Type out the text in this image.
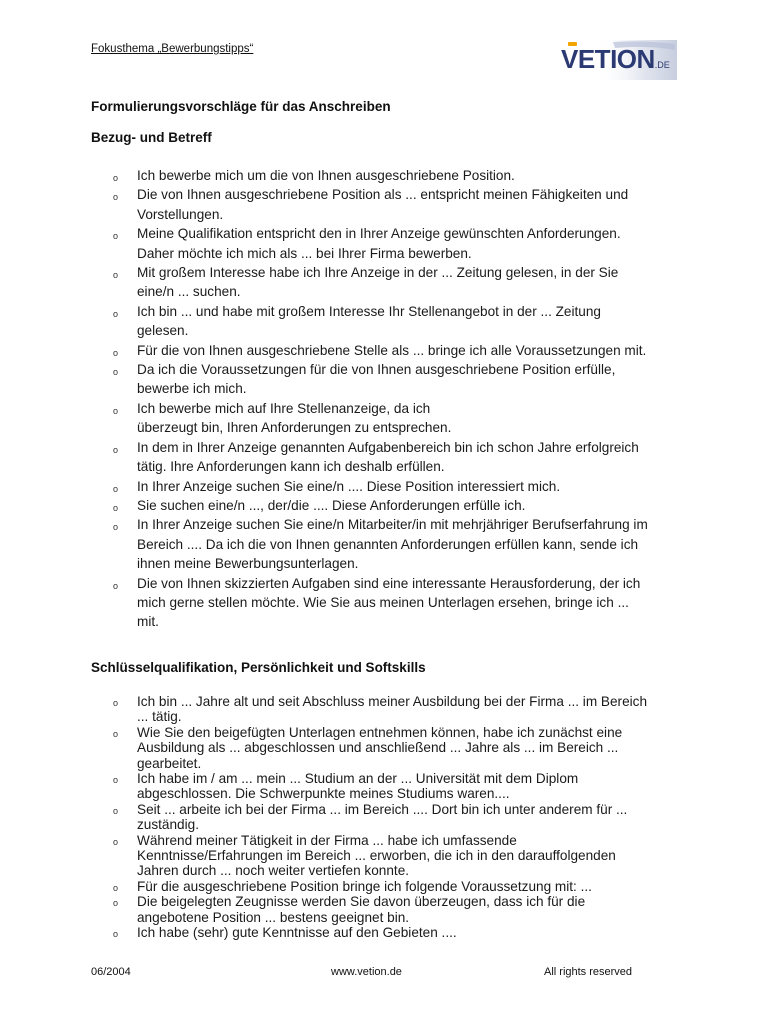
Fokusthema „Bewerbungstipps“	VETION.DE
Formulierungsvorschläge für das Anschreiben
Bezug- und Betreff
o Ich bewerbe mich um die von Ihnen ausgeschriebene Position.
o Die von Ihnen ausgeschriebene Position als ... entspricht meinen Fähigkeiten und
Vorstellungen.
o Meine Qualifikation entspricht den in Ihrer Anzeige gewünschten Anforderungen.
Daher möchte ich mich als ... bei Ihrer Firma bewerben.
o Mit großem Interesse habe ich Ihre Anzeige in der ... Zeitung gelesen, in der Sie
eine/n ... suchen.
o Ich bin ... und habe mit großem Interesse Ihr Stellenangebot in der ... Zeitung
gelesen.
o Für die von Ihnen ausgeschriebene Stelle als ... bringe ich alle Voraussetzungen mit.
o Da ich die Voraussetzungen für die von Ihnen ausgeschriebene Position erfülle,
bewerbe ich mich.
o Ich bewerbe mich auf Ihre Stellenanzeige, da ich
überzeugt bin, Ihren Anforderungen zu entsprechen.
o In dem in Ihrer Anzeige genannten Aufgabenbereich bin ich schon Jahre erfolgreich
tätig. Ihre Anforderungen kann ich deshalb erfüllen.
o In Ihrer Anzeige suchen Sie eine/n .... Diese Position interessiert mich.
o Sie suchen eine/n ..., der/die .... Diese Anforderungen erfülle ich.
o In Ihrer Anzeige suchen Sie eine/n Mitarbeiter/in mit mehrjähriger Berufserfahrung im
Bereich .... Da ich die von Ihnen genannten Anforderungen erfüllen kann, sende ich
ihnen meine Bewerbungsunterlagen.
o Die von Ihnen skizzierten Aufgaben sind eine interessante Herausforderung, der ich
mich gerne stellen möchte. Wie Sie aus meinen Unterlagen ersehen, bringe ich ...
mit.
Schlüsselqualifikation, Persönlichkeit und Softskills
o Ich bin ... Jahre alt und seit Abschluss meiner Ausbildung bei der Firma ... im Bereich
... tätig.
o Wie Sie den beigefügten Unterlagen entnehmen können, habe ich zunächst eine
Ausbildung als ... abgeschlossen und anschließend ... Jahre als ... im Bereich ...
gearbeitet.
o Ich habe im / am ... mein ... Studium an der ... Universität mit dem Diplom
abgeschlossen. Die Schwerpunkte meines Studiums waren....
o Seit ... arbeite ich bei der Firma ... im Bereich .... Dort bin ich unter anderem für ...
zuständig.
o Während meiner Tätigkeit in der Firma ... habe ich umfassende
Kenntnisse/Erfahrungen im Bereich ... erworben, die ich in den darauffolgenden
Jahren durch ... noch weiter vertiefen konnte.
o Für die ausgeschriebene Position bringe ich folgende Voraussetzung mit: ...
o Die beigelegten Zeugnisse werden Sie davon überzeugen, dass ich für die
angebotene Position ... bestens geeignet bin.
o Ich habe (sehr) gute Kenntnisse auf den Gebieten ....
06/2004	www.vetion.de	All rights reserved
